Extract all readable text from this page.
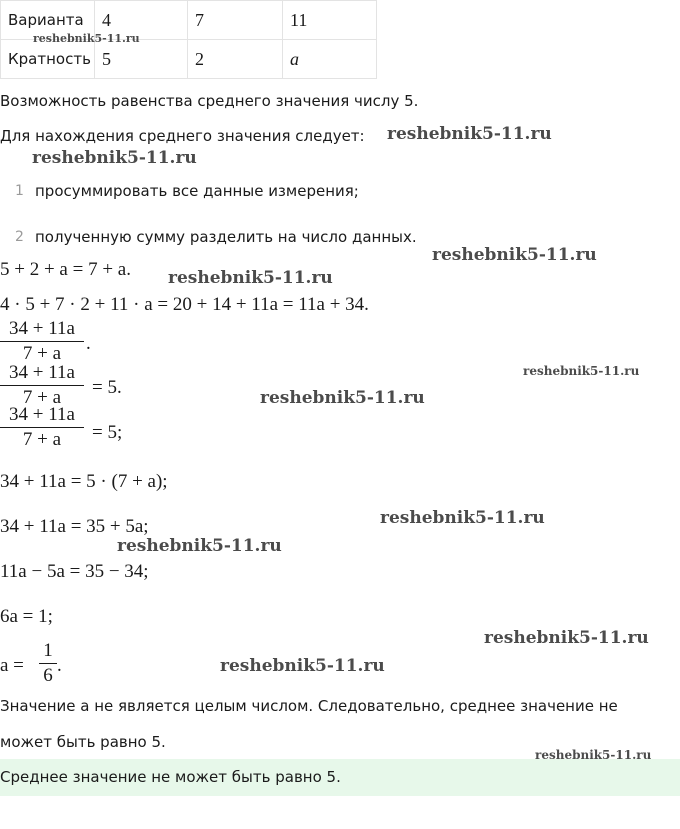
Варианта	4	7	11
Кратность	5	2	a
Возможность равенства среднего значения числу 5.
Для нахождения среднего значения следует:
1 просуммировать все данные измерения;
2 полученную сумму разделить на число данных.
5 + 2 + a = 7 + a.
4 · 5 + 7 · 2 + 11 · a = 20 + 14 + 11a = 11a + 34.
34 + 11a
7 + a	.
34 + 11a
7 + a	= 5.
34 + 11a
7 + a	= 5;
34 + 11a = 5 · (7 + a);
34 + 11a = 35 + 5a;
11a − 5a = 35 − 34;
6a = 1;
a =
1
6 .
Значение a не является целым числом. Следовательно, среднее значение не
может быть равно 5.
Среднее значение не может быть равно 5.
reshebnik5-11.ru
reshebnik5-11.ru
reshebnik5-11.ru
reshebnik5-11.ru
reshebnik5-11.ru
reshebnik5-11.ru
reshebnik5-11.ru
reshebnik5-11.ru
reshebnik5-11.ru
reshebnik5-11.ru
reshebnik5-11.ru
reshebnik5-11.ru
